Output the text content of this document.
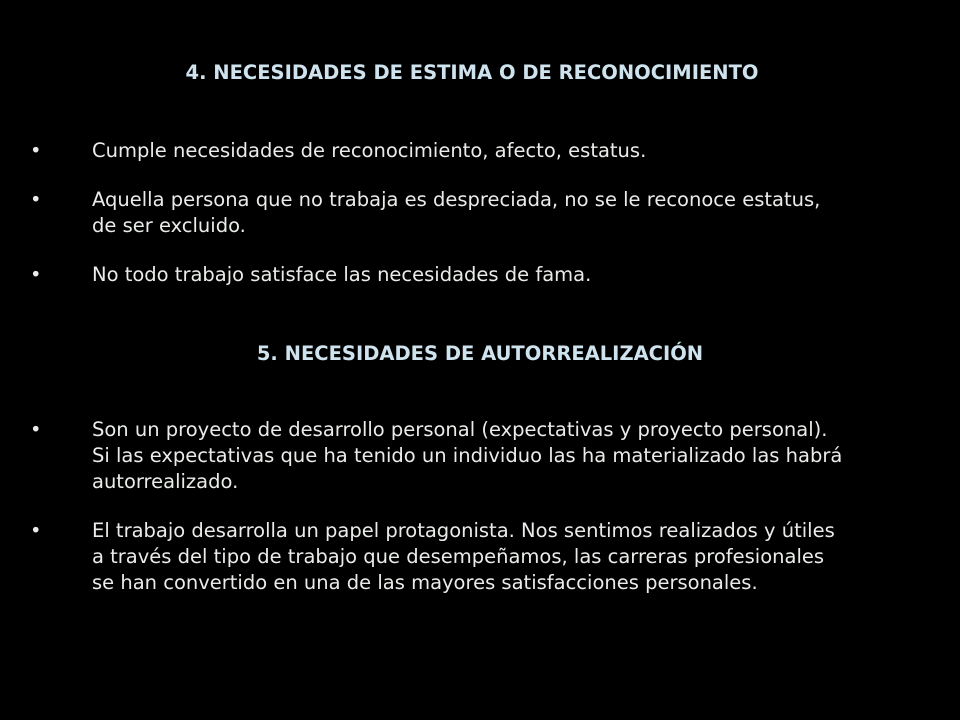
4. NECESIDADES DE ESTIMA O DE RECONOCIMIENTO
•	Cumple necesidades de reconocimiento, afecto, estatus.
•	Aquella persona que no trabaja es despreciada, no se le reconoce estatus,
de ser excluido.
•	No todo trabajo satisface las necesidades de fama.
5. NECESIDADES DE AUTORREALIZACIÓN
•	Son un proyecto de desarrollo personal (expectativas y proyecto personal).
Si las expectativas que ha tenido un individuo las ha materializado las habrá
autorrealizado.
•	El trabajo desarrolla un papel protagonista. Nos sentimos realizados y útiles
a través del tipo de trabajo que desempeñamos, las carreras profesionales
se han convertido en una de las mayores satisfacciones personales.
